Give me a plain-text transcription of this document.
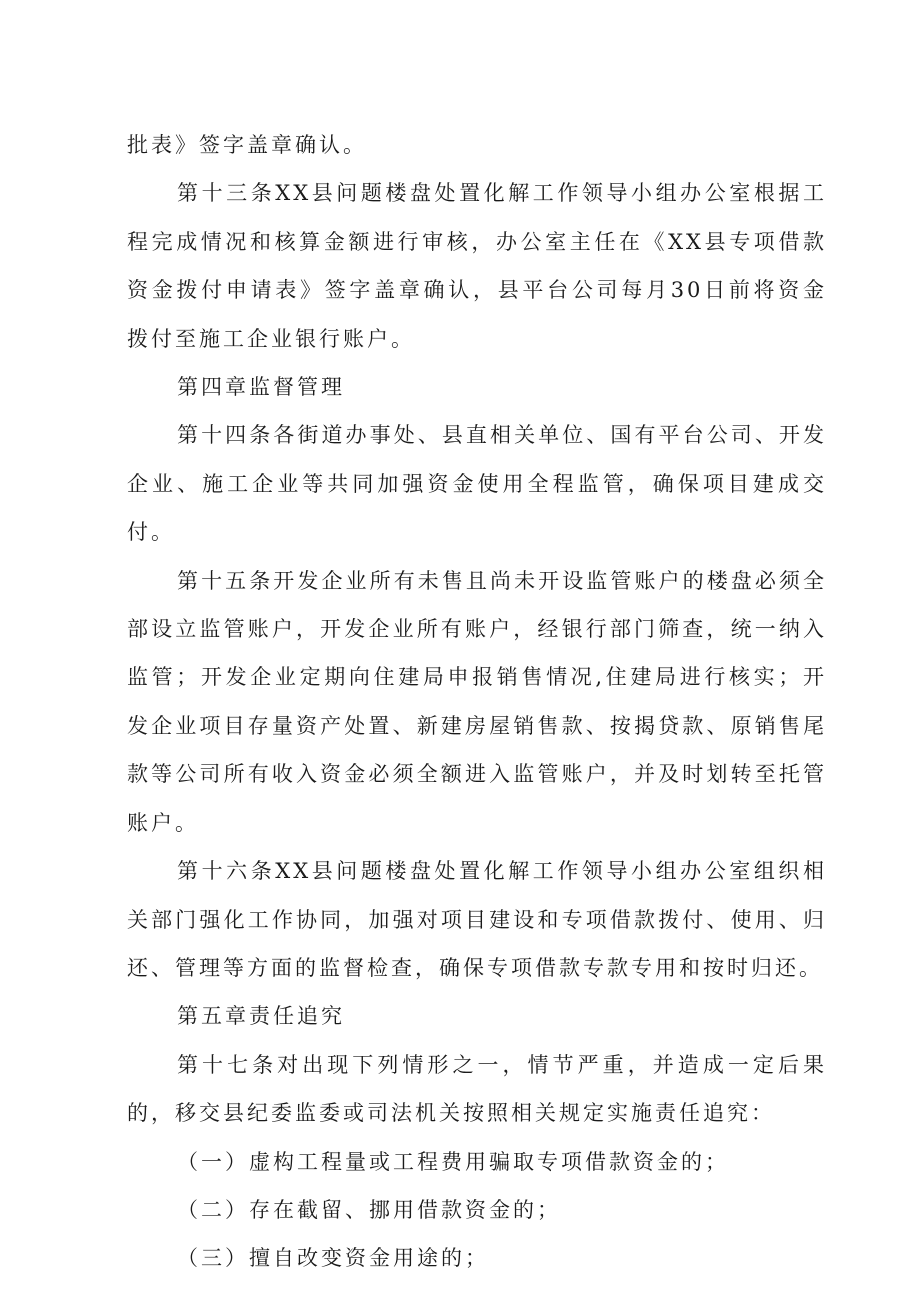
批表》签字盖章确认。

第十三条XX县问题楼盘处置化解工作领导小组办公室根据工程完成情况和核算金额进行审核，办公室主任在《XX县专项借款资金拨付申请表》签字盖章确认，县平台公司每月30日前将资金拨付至施工企业银行账户。

第四章监督管理

第十四条各街道办事处、县直相关单位、国有平台公司、开发企业、施工企业等共同加强资金使用全程监管，确保项目建成交付。

第十五条开发企业所有未售且尚未开设监管账户的楼盘必须全部设立监管账户，开发企业所有账户，经银行部门筛查，统一纳入监管；开发企业定期向住建局申报销售情况,住建局进行核实；开发企业项目存量资产处置、新建房屋销售款、按揭贷款、原销售尾款等公司所有收入资金必须全额进入监管账户，并及时划转至托管账户。

第十六条XX县问题楼盘处置化解工作领导小组办公室组织相关部门强化工作协同，加强对项目建设和专项借款拨付、使用、归还、管理等方面的监督检查，确保专项借款专款专用和按时归还。

第五章责任追究

第十七条对出现下列情形之一，情节严重，并造成一定后果的，移交县纪委监委或司法机关按照相关规定实施责任追究：

（一）虚构工程量或工程费用骗取专项借款资金的；

（二）存在截留、挪用借款资金的；

（三）擅自改变资金用途的；
